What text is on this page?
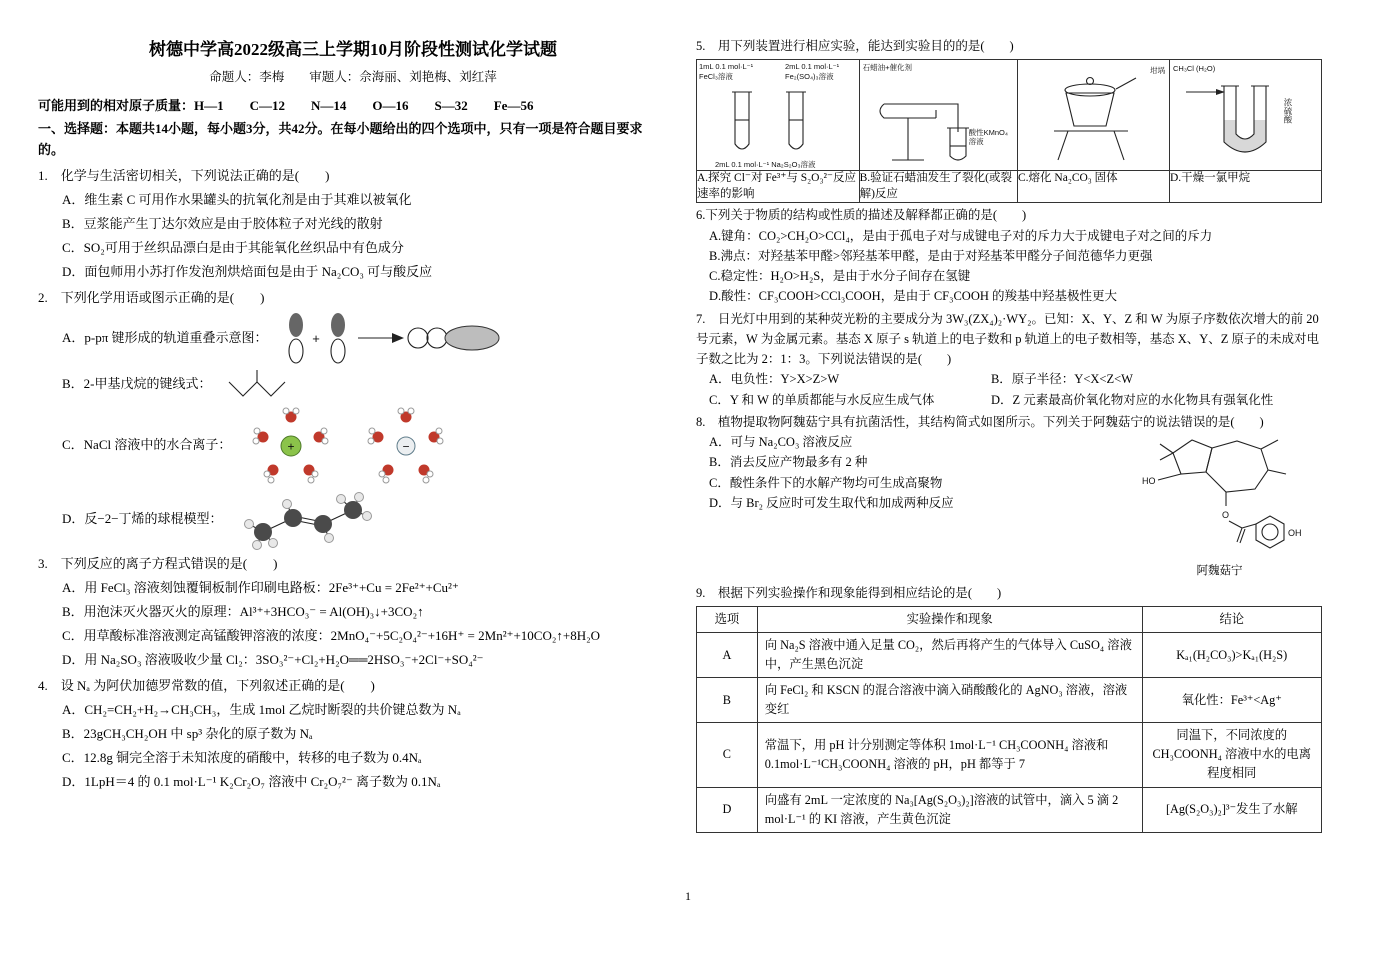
树德中学高2022级高三上学期10月阶段性测试化学试题
命题人：李梅　　审题人：佘海丽、刘艳梅、刘红萍
可能用到的相对原子质量：H—1　　C—12　　N—14　　O—16　　S—32　　Fe—56
一、选择题：本题共14小题，每小题3分，共42分。在每小题给出的四个选项中，只有一项是符合题目要求的。
1.　化学与生活密切相关，下列说法正确的是(　　)
A．维生素 C 可用作水果罐头的抗氧化剂是由于其难以被氧化
B．豆浆能产生丁达尔效应是由于胶体粒子对光线的散射
C．SO₂可用于丝织品漂白是由于其能氧化丝织品中有色成分
D．面包师用小苏打作发泡剂烘焙面包是由于 Na₂CO₃ 可与酸反应
2.　下列化学用语或图示正确的是(　　)
A．p-pπ 键形成的轨道重叠示意图：	+
B．2-甲基戊烷的键线式：
C．NaCl 溶液中的水合离子：	+	−
D．反−2−丁烯的球棍模型：
3.　下列反应的离子方程式错误的是(　　)
A．用 FeCl₃ 溶液刻蚀覆铜板制作印刷电路板：2Fe³⁺+Cu = 2Fe²⁺+Cu²⁺
B．用泡沫灭火器灭火的原理：Al³⁺+3HCO₃⁻ = Al(OH)₃↓+3CO₂↑
C．用草酸标准溶液测定高锰酸钾溶液的浓度：2MnO₄⁻+5C₂O₄²⁻+16H⁺ = 2Mn²⁺+10CO₂↑+8H₂O
D．用 Na₂SO₃ 溶液吸收少量 Cl₂：3SO₃²⁻+Cl₂+H₂O══2HSO₃⁻+2Cl⁻+SO₄²⁻
4.　设 Nₐ 为阿伏加德罗常数的值，下列叙述正确的是(　　)
A．CH₂=CH₂+H₂→CH₃CH₃，生成 1mol 乙烷时断裂的共价键总数为 Nₐ
B．23gCH₃CH₂OH 中 sp³ 杂化的原子数为 Nₐ
C．12.8g 铜完全溶于未知浓度的硝酸中，转移的电子数为 0.4Nₐ
D．1LpH＝4 的 0.1 mol·L⁻¹ K₂Cr₂O₇ 溶液中 Cr₂O₇²⁻ 离子数为 0.1Nₐ
5.　用下列装置进行相应实验，能达到实验目的的是(　　)
1mL 0.1 mol·L⁻¹ FeCl₃溶液
2mL 0.1 mol·L⁻¹ Fe₂(SO₄)₃溶液
2mL 0.1 mol·L⁻¹ Na₂S₂O₃溶液

石蜡油+催化剂
酸性KMnO₄溶液

坩埚	CH₃Cl (H₂O)
浓硫酸

A.探究 Cl⁻对 Fe³⁺与 S₂O₃²⁻反应速率的影响	B.验证石蜡油发生了裂化(或裂解)反应	C.熔化 Na₂CO₃ 固体	D.干燥一氯甲烷
6.下列关于物质的结构或性质的描述及解释都正确的是(　　)
A.键角：CO₂>CH₂O>CCl₄，是由于孤电子对与成键电子对的斥力大于成键电子对之间的斥力
B.沸点：对羟基苯甲醛>邻羟基苯甲醛，是由于对羟基苯甲醛分子间范德华力更强
C.稳定性：H₂O>H₂S，是由于水分子间存在氢键
D.酸性：CF₃COOH>CCl₃COOH，是由于 CF₃COOH 的羧基中羟基极性更大
7.　日光灯中用到的某种荧光粉的主要成分为 3W₃(ZX₄)₂·WY₂。已知：X、Y、Z 和 W 为原子序数依次增大的前 20 号元素，W 为金属元素。基态 X 原子 s 轨道上的电子数和 p 轨道上的电子数相等，基态 X、Y、Z 原子的未成对电子数之比为 2：1：3。下列说法错误的是(　　)
A．电负性：Y>X>Z>W	B．原子半径：Y<X<Z<W
C．Y 和 W 的单质都能与水反应生成气体	D．Z 元素最高价氧化物对应的水化物具有强氧化性
8.　植物提取物阿魏菇宁具有抗菌活性，其结构简式如图所示。下列关于阿魏菇宁的说法错误的是(　　)
A．可与 Na₂CO₃ 溶液反应
B．消去反应产物最多有 2 种
C．酸性条件下的水解产物均可生成高聚物
D．与 Br₂ 反应时可发生取代和加成两种反应
HO
O
OH
阿魏菇宁
9.　根据下列实验操作和现象能得到相应结论的是(　　)
选项	实验操作和现象	结论
A	向 Na₂S 溶液中通入足量 CO₂，然后再将产生的气体导入 CuSO₄ 溶液中，产生黑色沉淀	Kₐ₁(H₂CO₃)>Kₐ₁(H₂S)
B	向 FeCl₂ 和 KSCN 的混合溶液中滴入硝酸酸化的 AgNO₃ 溶液，溶液变红	氧化性：Fe³⁺<Ag⁺
C	常温下，用 pH 计分别测定等体积 1mol·L⁻¹ CH₃COONH₄ 溶液和 0.1mol·L⁻¹CH₃COONH₄ 溶液的 pH，pH 都等于 7	同温下，不同浓度的 CH₃COONH₄ 溶液中水的电离程度相同
D	向盛有 2mL 一定浓度的 Na₃[Ag(S₂O₃)₂]溶液的试管中，滴入 5 滴 2 mol·L⁻¹ 的 KI 溶液，产生黄色沉淀	[Ag(S₂O₃)₂]³⁻发生了水解
1
